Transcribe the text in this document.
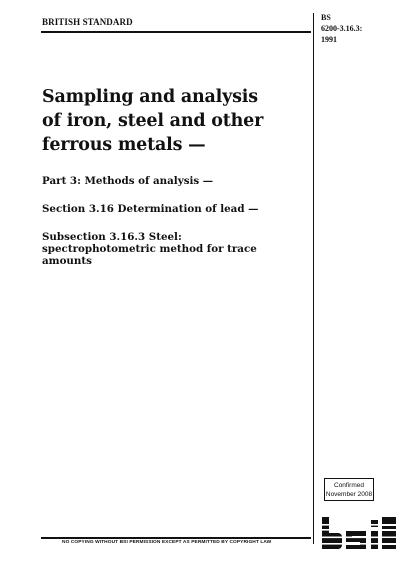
BRITISH STANDARD	BS
6200-3.16.3:
1991
Sampling and analysis
of iron, steel and other
ferrous metals —

Part 3: Methods of analysis —

Section 3.16 Determination of lead —

Subsection 3.16.3 Steel:
spectrophotometric method for trace
amounts

Confirmed
November 2008
NO COPYING WITHOUT BSI PERMISSION EXCEPT AS PERMITTED BY COPYRIGHT LAW
